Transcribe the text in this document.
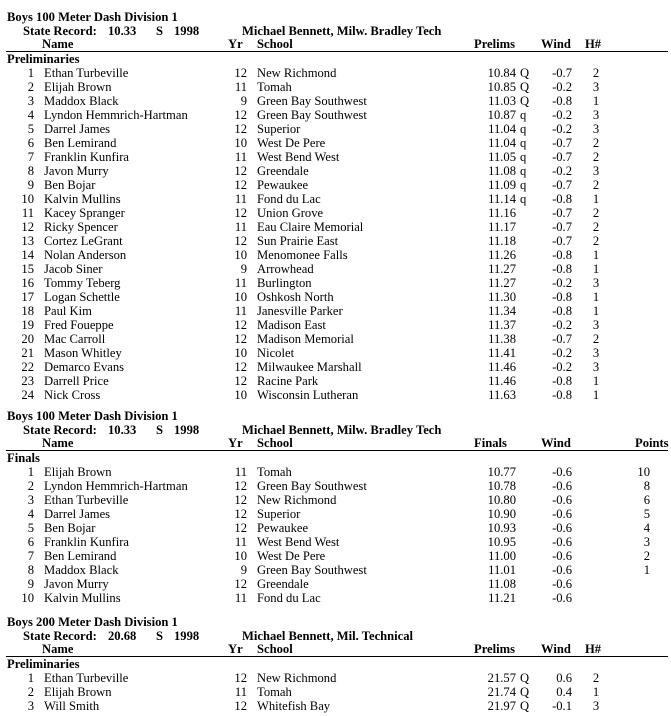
Boys 100 Meter Dash Division 1
State Record: 10.33 S 1998	Michael Bennett, Milw. Bradley Tech
Name	Yr School	Prelims Wind H#
Preliminaries
1 Ethan Turbeville	12 New Richmond	10.84 Q	-0.7	2
2 Elijah Brown	11 Tomah	10.85 Q	-0.2	3
3 Maddox Black	9 Green Bay Southwest	11.03 Q	-0.8	1
4 Lyndon Hemmrich-Hartman	12 Green Bay Southwest	10.87 q	-0.2	3
5 Darrel James	12 Superior	11.04 q	-0.2	3
6 Ben Lemirand	10 West De Pere	11.04 q	-0.7	2
7 Franklin Kunfira	11 West Bend West	11.05 q	-0.7	2
8 Javon Murry	12 Greendale	11.08 q	-0.2	3
9 Ben Bojar	12 Pewaukee	11.09 q	-0.7	2
10 Kalvin Mullins	11 Fond du Lac	11.14 q	-0.8	1
11 Kacey Spranger	12 Union Grove	11.16	-0.7	2
12 Ricky Spencer	11 Eau Claire Memorial	11.17	-0.7	2
13 Cortez LeGrant	12 Sun Prairie East	11.18	-0.7	2
14 Nolan Anderson	10 Menomonee Falls	11.26	-0.8	1
15 Jacob Siner	9 Arrowhead	11.27	-0.8	1
16 Tommy Teberg	11 Burlington	11.27	-0.2	3
17 Logan Schettle	10 Oshkosh North	11.30	-0.8	1
18 Paul Kim	11 Janesville Parker	11.34	-0.8	1
19 Fred Foueppe	12 Madison East	11.37	-0.2	3
20 Mac Carroll	12 Madison Memorial	11.38	-0.7	2
21 Mason Whitley	10 Nicolet	11.41	-0.2	3
22 Demarco Evans	12 Milwaukee Marshall	11.46	-0.2	3
23 Darrell Price	12 Racine Park	11.46	-0.8	1
24 Nick Cross	10 Wisconsin Lutheran	11.63	-0.8	1
Boys 100 Meter Dash Division 1
State Record: 10.33 S 1998	Michael Bennett, Milw. Bradley Tech
Name	Yr School	Finals	Wind	Points
Finals
1 Elijah Brown	11 Tomah	10.77	-0.6	10
2 Lyndon Hemmrich-Hartman	12 Green Bay Southwest	10.78	-0.6	8
3 Ethan Turbeville	12 New Richmond	10.80	-0.6	6
4 Darrel James	12 Superior	10.90	-0.6	5
5 Ben Bojar	12 Pewaukee	10.93	-0.6	4
6 Franklin Kunfira	11 West Bend West	10.95	-0.6	3
7 Ben Lemirand	10 West De Pere	11.00	-0.6	2
8 Maddox Black	9 Green Bay Southwest	11.01	-0.6	1
9 Javon Murry	12 Greendale	11.08	-0.6
10 Kalvin Mullins	11 Fond du Lac	11.21	-0.6
Boys 200 Meter Dash Division 1
State Record: 20.68 S 1998	Michael Bennett, Mil. Technical
Name	Yr School	Prelims Wind H#
Preliminaries
1 Ethan Turbeville	12 New Richmond	21.57 Q	0.6	2
2 Elijah Brown	11 Tomah	21.74 Q	0.4	1
3 Will Smith	12 Whitefish Bay	21.97 Q	-0.1	3
